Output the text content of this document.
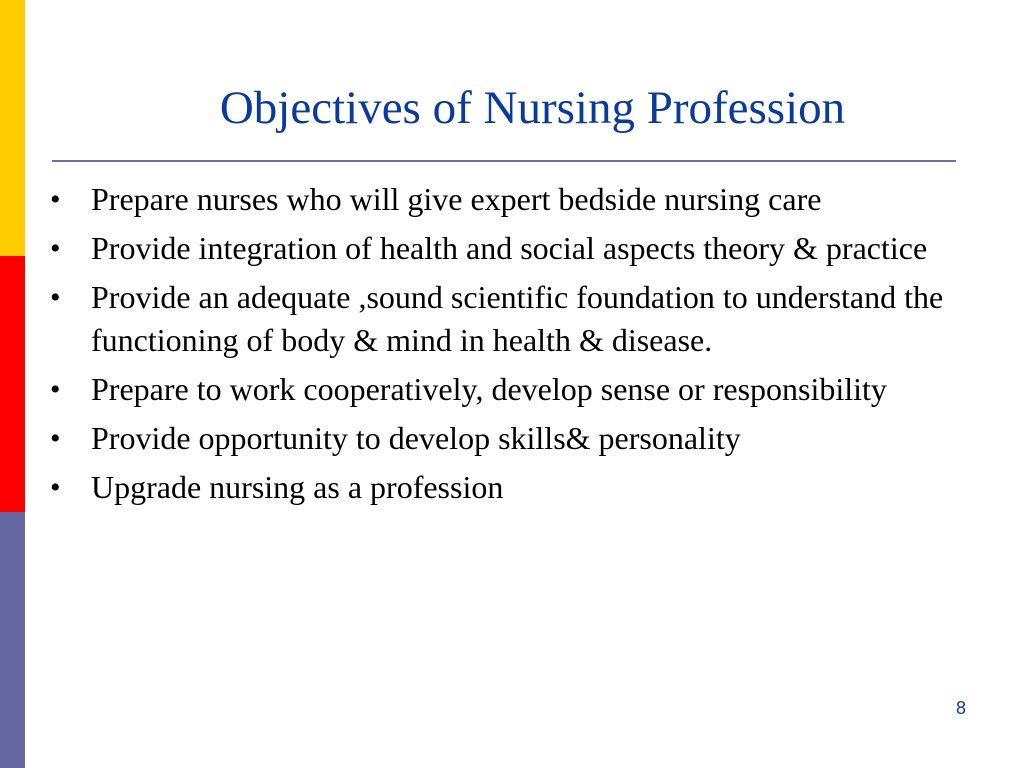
Objectives of Nursing Profession
• Prepare nurses who will give expert bedside nursing care
• Provide integration of health and social aspects theory & practice
• Provide an adequate ,sound scientific foundation to understand the functioning of body & mind in health & disease.
• Prepare to work cooperatively, develop sense or responsibility
• Provide opportunity to develop skills& personality
• Upgrade nursing as a profession
8
